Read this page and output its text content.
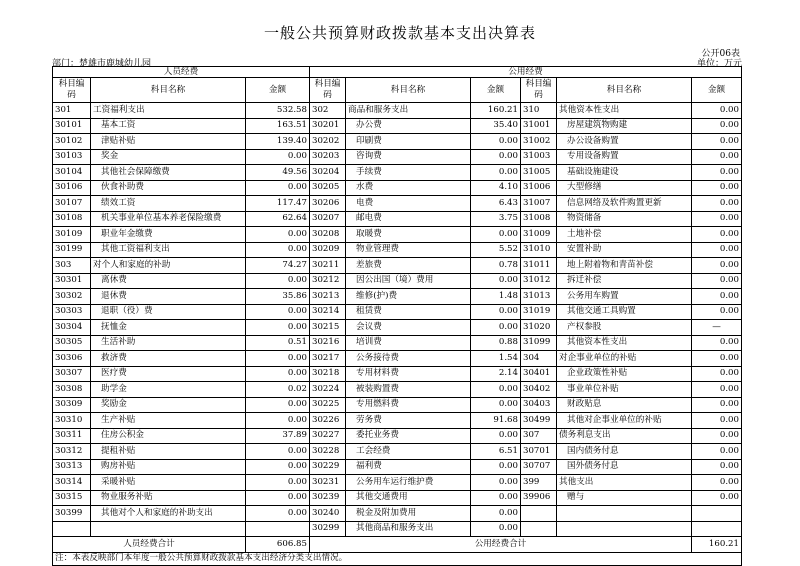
一般公共预算财政拨款基本支出决算表
公开06表
部门：楚雄市鹿城幼儿园	单位：万元
人员经费			公用经费					
科目编码	科目名称	金额	科目编码	科目名称	金额	科目编码	科目名称	金额
301	工资福利支出	532.58	302	商品和服务支出	160.21	310	其他资本性支出	0.00
30101	基本工资	163.51	30201	办公费	35.40	31001	房屋建筑物购建	0.00
30102	津贴补贴	139.40	30202	印刷费	0.00	31002	办公设备购置	0.00
30103	奖金	0.00	30203	咨询费	0.00	31003	专用设备购置	0.00
30104	其他社会保障缴费	49.56	30204	手续费	0.00	31005	基础设施建设	0.00
30106	伙食补助费	0.00	30205	水费	4.10	31006	大型修缮	0.00
30107	绩效工资	117.47	30206	电费	6.43	31007	信息网络及软件购置更新	0.00
30108	机关事业单位基本养老保险缴费	62.64	30207	邮电费	3.75	31008	物资储备	0.00
30109	职业年金缴费	0.00	30208	取暖费	0.00	31009	土地补偿	0.00
30199	其他工资福利支出	0.00	30209	物业管理费	5.52	31010	安置补助	0.00
303	对个人和家庭的补助	74.27	30211	差旅费	0.78	31011	地上附着物和青苗补偿	0.00
30301	离休费	0.00	30212	因公出国（境）费用	0.00	31012	拆迁补偿	0.00
30302	退休费	35.86	30213	维修(护)费	1.48	31013	公务用车购置	0.00
30303	退职（役）费	0.00	30214	租赁费	0.00	31019	其他交通工具购置	0.00
30304	抚恤金	0.00	30215	会议费	0.00	31020	产权参股	—
30305	生活补助	0.51	30216	培训费	0.88	31099	其他资本性支出	0.00
30306	救济费	0.00	30217	公务接待费	1.54	304	对企事业单位的补贴	0.00
30307	医疗费	0.00	30218	专用材料费	2.14	30401	企业政策性补贴	0.00
30308	助学金	0.02	30224	被装购置费	0.00	30402	事业单位补贴	0.00
30309	奖励金	0.00	30225	专用燃料费	0.00	30403	财政贴息	0.00
30310	生产补贴	0.00	30226	劳务费	91.68	30499	其他对企事业单位的补贴	0.00
30311	住房公积金	37.89	30227	委托业务费	0.00	307	债务利息支出	0.00
30312	提租补贴	0.00	30228	工会经费	6.51	30701	国内债务付息	0.00
30313	购房补贴	0.00	30229	福利费	0.00	30707	国外债务付息	0.00
30314	采暖补贴	0.00	30231	公务用车运行维护费	0.00	399	其他支出	0.00
30315	物业服务补贴	0.00	30239	其他交通费用	0.00	39906	赠与	0.00
30399	其他对个人和家庭的补助支出	0.00	30240	税金及附加费用	0.00			
			30299	其他商品和服务支出	0.00			
人员经费合计		606.85	公用经费合计					160.21
注：本表反映部门本年度一般公共预算财政拨款基本支出经济分类支出情况。								
